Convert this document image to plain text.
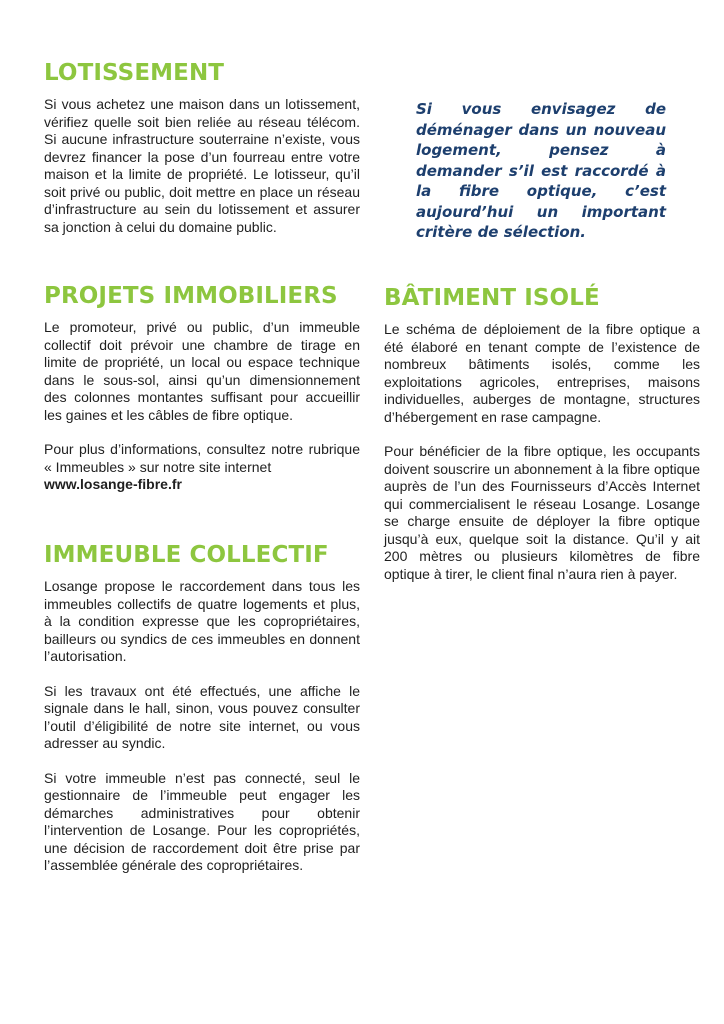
LOTISSEMENT

Si vous achetez une maison dans un lotissement, vérifiez quelle soit bien reliée au réseau télécom. Si aucune infrastructure souterraine n’existe, vous devrez financer la pose d’un fourreau entre votre maison et la limite de propriété. Le lotisseur, qu’il soit privé ou public, doit mettre en place un réseau d’infrastructure au sein du lotissement et assurer sa jonction à celui du domaine public.

Si vous envisagez de déménager dans un nouveau logement, pensez à demander s’il est raccordé à la fibre optique, c’est aujourd’hui un important critère de sélection.

PROJETS IMMOBILIERS

Le promoteur, privé ou public, d’un immeuble collectif doit prévoir une chambre de tirage en limite de propriété, un local ou espace technique dans le sous-sol, ainsi qu’un dimensionnement des colonnes montantes suffisant pour accueillir les gaines et les câbles de fibre optique.

Pour plus d’informations, consultez notre rubrique « Immeubles » sur notre site internet
www.losange-fibre.fr

IMMEUBLE COLLECTIF

Losange propose le raccordement dans tous les immeubles collectifs de quatre logements et plus, à la condition expresse que les copropriétaires, bailleurs ou syndics de ces immeubles en donnent l’autorisation.

Si les travaux ont été effectués, une affiche le signale dans le hall, sinon, vous pouvez consulter l’outil d’éligibilité de notre site internet, ou vous adresser au syndic.

Si votre immeuble n’est pas connecté, seul le gestionnaire de l’immeuble peut engager les démarches administratives pour obtenir l’intervention de Losange. Pour les copropriétés, une décision de raccordement doit être prise par l’assemblée générale des copropriétaires.

BÂTIMENT ISOLÉ

Le schéma de déploiement de la fibre optique a été élaboré en tenant compte de l’existence de nombreux bâtiments isolés, comme les exploitations agricoles, entreprises, maisons individuelles, auberges de montagne, structures d’hébergement en rase campagne.

Pour bénéficier de la fibre optique, les occupants doivent souscrire un abonnement à la fibre optique auprès de l’un des Fournisseurs d’Accès Internet qui commercialisent le réseau Losange. Losange se charge ensuite de déployer la fibre optique jusqu’à eux, quelque soit la distance. Qu’il y ait 200 mètres ou plusieurs kilomètres de fibre optique à tirer, le client final n’aura rien à payer.
